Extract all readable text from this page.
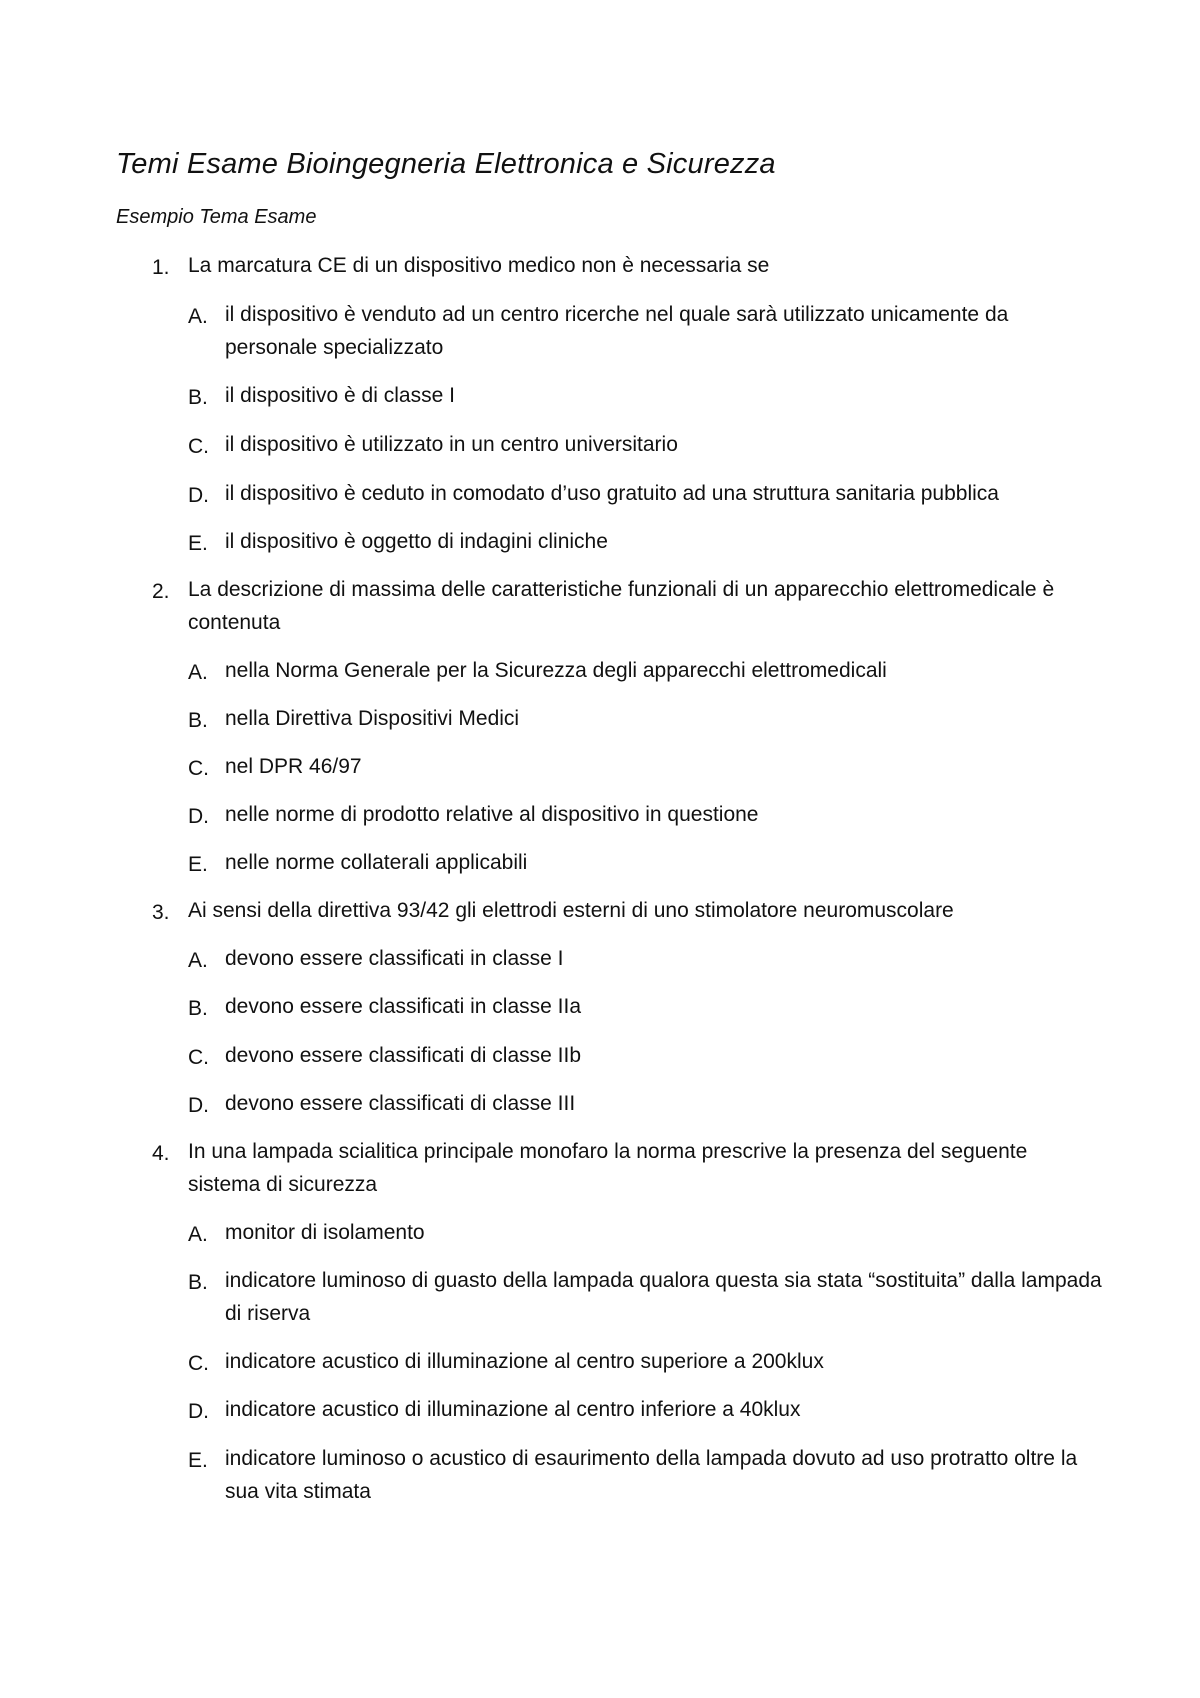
Temi Esame Bioingegneria Elettronica e Sicurezza
Esempio Tema Esame
1. La marcatura CE di un dispositivo medico non è necessaria se

A. il dispositivo è venduto ad un centro ricerche nel quale sarà utilizzato unicamente da personale specializzato

B. il dispositivo è di classe I

C. il dispositivo è utilizzato in un centro universitario

D. il dispositivo è ceduto in comodato d’uso gratuito ad una struttura sanitaria pubblica

E. il dispositivo è oggetto di indagini cliniche

2. La descrizione di massima delle caratteristiche funzionali di un apparecchio elettromedicale è contenuta

A. nella Norma Generale per la Sicurezza degli apparecchi elettromedicali

B. nella Direttiva Dispositivi Medici

C. nel DPR 46/97

D. nelle norme di prodotto relative al dispositivo in questione

E. nelle norme collaterali applicabili

3. Ai sensi della direttiva 93/42 gli elettrodi esterni di uno stimolatore neuromuscolare

A. devono essere classificati in classe I

B. devono essere classificati in classe IIa

C. devono essere classificati di classe IIb

D. devono essere classificati di classe III

4. In una lampada scialitica principale monofaro la norma prescrive la presenza del seguente sistema di sicurezza

A. monitor di isolamento

B. indicatore luminoso di guasto della lampada qualora questa sia stata “sostituita” dalla lampada di riserva

C. indicatore acustico di illuminazione al centro superiore a 200klux

D. indicatore acustico di illuminazione al centro inferiore a 40klux

E. indicatore luminoso o acustico di esaurimento della lampada dovuto ad uso protratto oltre la sua vita stimata
